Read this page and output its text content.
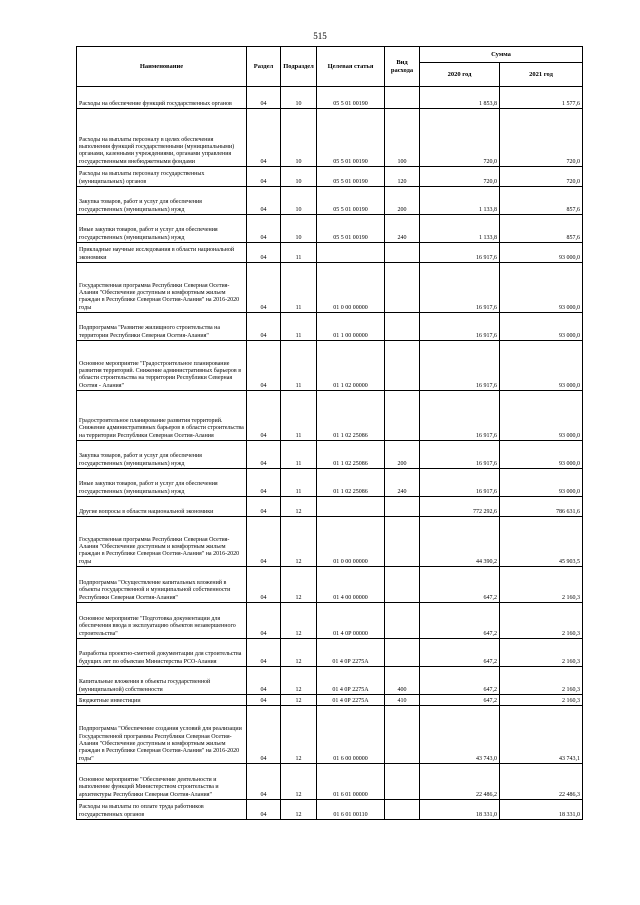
515
Наименование	Раздел	Подраздел	Целевая статья	Вид расхода	Сумма	
					2020 год	2021 год
Расходы на обеспечение функций государственных органов	04	10	05 5 01 00190		1 853,8	1 577,6
Расходы на выплаты персоналу в целях обеспечения выполнения функций государственными (муниципальными) органами, казенными учреждениями, органами управления государственными внебюджетными фондами	04	10	05 5 01 00190	100	720,0	720,0
Расходы на выплаты персоналу государственных (муниципальных) органов	04	10	05 5 01 00190	120	720,0	720,0
Закупка товаров, работ и услуг для обеспечения государственных (муниципальных) нужд	04	10	05 5 01 00190	200	1 133,8	857,6
Иные закупки товаров, работ и услуг для обеспечения государственных (муниципальных) нужд	04	10	05 5 01 00190	240	1 133,8	857,6
Прикладные научные исследования в области национальной экономики	04	11			16 917,6	93 000,0
Государственная программа Республики Северная Осетия-Алания "Обеспечение доступным и комфортным жильем граждан в Республике Северная Осетия-Алания" на 2016-2020 годы	04	11	01 0 00 00000		16 917,6	93 000,0
Подпрограмма "Развитие жилищного строительства на территории Республики Северная Осетия-Алания"	04	11	01 1 00 00000		16 917,6	93 000,0
Основное мероприятие "Градостроительное планирование развития территорий. Снижение административных барьеров в области строительства на территории Республики Северная Осетия - Алания"	04	11	01 1 02 00000		16 917,6	93 000,0
Градостроительное планирование развития территорий. Снижение административных барьеров в области строительства на территории Республики Северная Осетия-Алания	04	11	01 1 02 25086		16 917,6	93 000,0
Закупка товаров, работ и услуг для обеспечения государственных (муниципальных) нужд	04	11	01 1 02 25086	200	16 917,6	93 000,0
Иные закупки товаров, работ и услуг для обеспечения государственных (муниципальных) нужд	04	11	01 1 02 25086	240	16 917,6	93 000,0
Другие вопросы в области национальной экономики	04	12			772 292,6	786 631,6
Государственная программа Республики Северная Осетия-Алания "Обеспечение доступным и комфортным жильем граждан в Республике Северная Осетия-Алания" на 2016-2020 годы	04	12	01 0 00 00000		44 390,2	45 903,5
Подпрограмма "Осуществление капитальных вложений в объекты государственной и муниципальной собственности Республики Северная Осетия-Алания"	04	12	01 4 00 00000		647,2	2 160,3
Основное мероприятие "Подготовка документации для обеспечения ввода в эксплуатацию объектов незавершенного строительства"	04	12	01 4 0Р 00000		647,2	2 160,3
Разработка проектно-сметной документации для строительства будущих лет по объектам Министерства РСО-Алания	04	12	01 4 0Р 2275А		647,2	2 160,3
Капитальные вложения в объекты государственной (муниципальной) собственности	04	12	01 4 0Р 2275А	400	647,2	2 160,3
Бюджетные инвестиции	04	12	01 4 0Р 2275А	410	647,2	2 160,3
Подпрограмма "Обеспечение создания условий для реализации Государственной программы Республики Северная Осетия-Алания "Обеспечение доступным и комфортным жильем граждан в Республике Северная Осетия-Алания" на 2016-2020 годы"	04	12	01 6 00 00000		43 743,0	43 743,1
Основное мероприятие "Обеспечение деятельности и выполнение функций Министерством строительства и архитектуры Республики Северная Осетия-Алания"	04	12	01 6 01 00000		22 486,2	22 486,3
Расходы на выплаты по оплате труда работников государственных органов	04	12	01 6 01 00110		18 331,0	18 331,0
